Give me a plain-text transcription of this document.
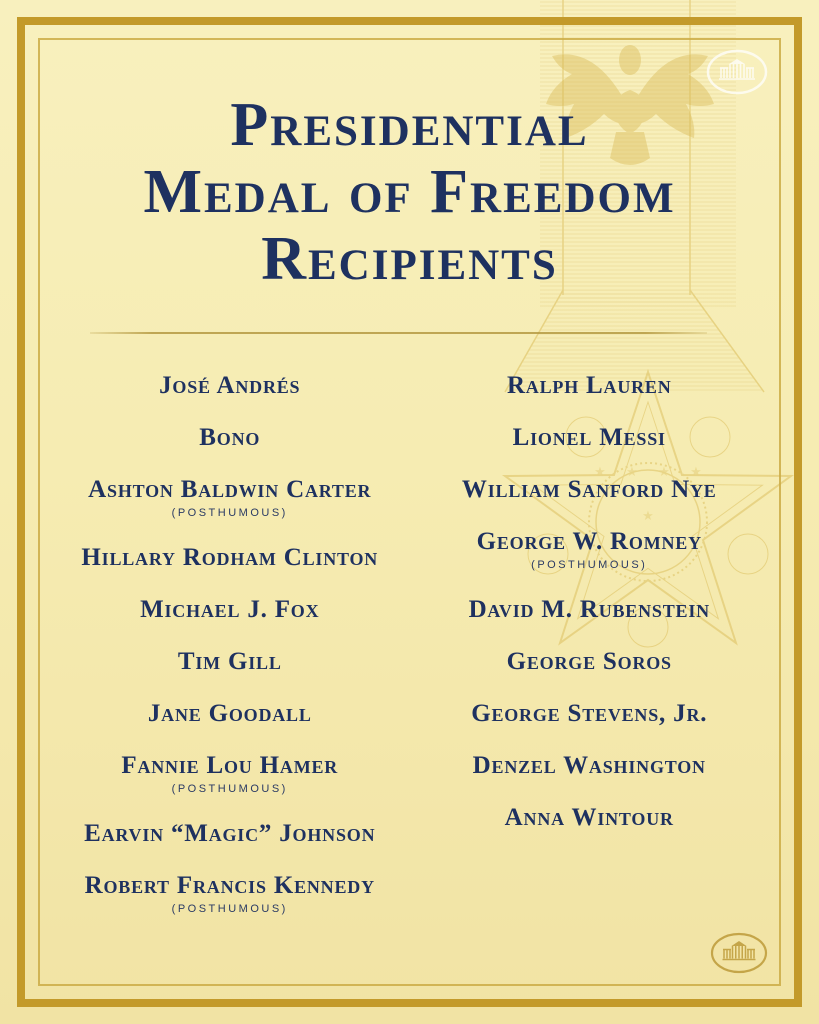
★ ★ ★ ★
★
Presidential
Medal of Freedom
Recipients
José Andrés
Bono
Ashton Baldwin Carter
(POSTHUMOUS)
Hillary Rodham Clinton
Michael J. Fox
Tim Gill
Jane Goodall
Fannie Lou Hamer
(POSTHUMOUS)
Earvin “Magic” Johnson
Robert Francis Kennedy
(POSTHUMOUS)
Ralph Lauren
Lionel Messi
William Sanford Nye
George W. Romney
(POSTHUMOUS)
David M. Rubenstein
George Soros
George Stevens, Jr.
Denzel Washington
Anna Wintour
